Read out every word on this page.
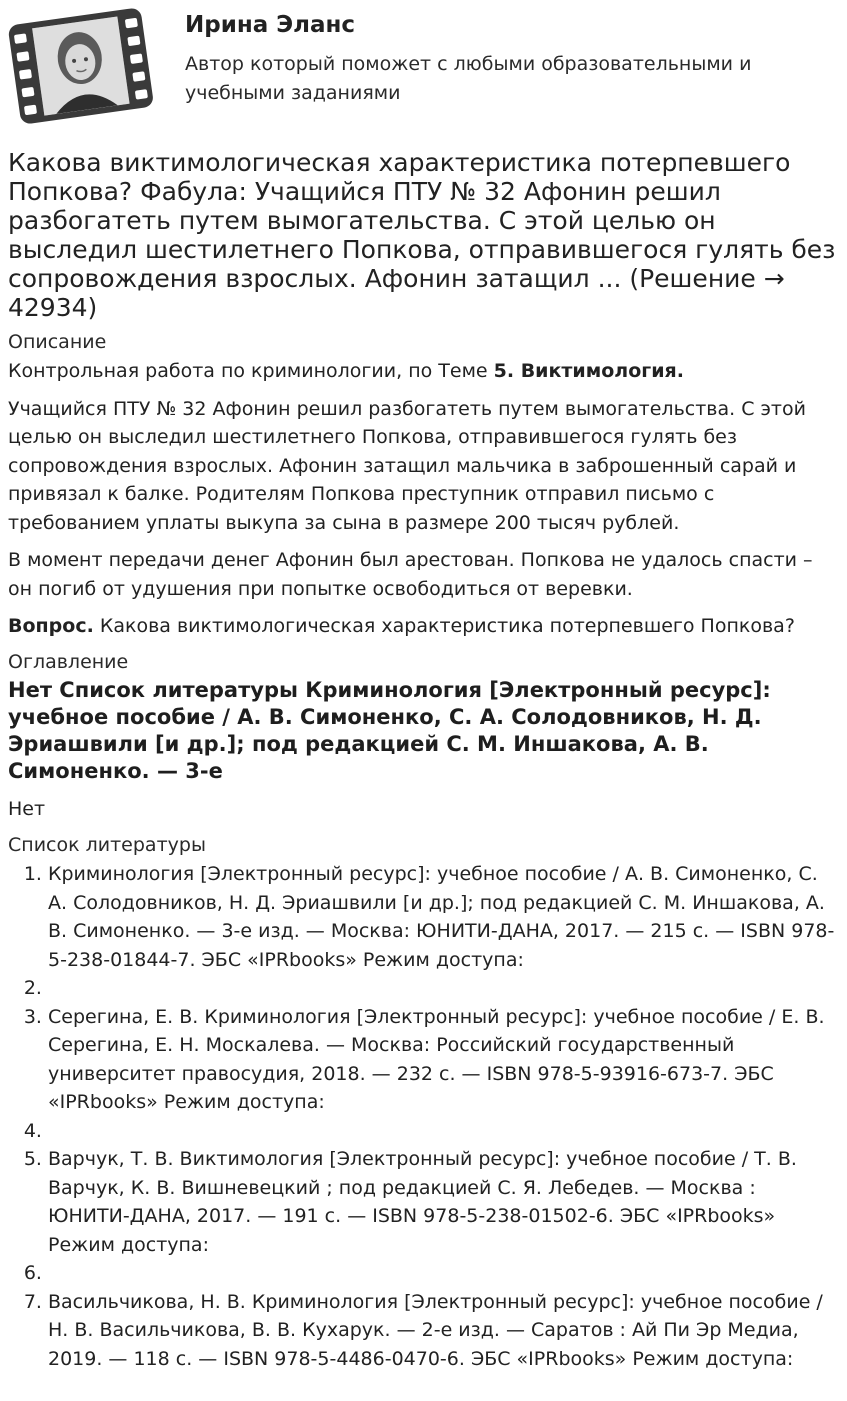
Ирина Эланс
Автор который поможет с любыми образовательными и учебными заданиями
Какова виктимологическая характеристика потерпевшего Попкова? Фабула: Учащийся ПТУ № 32 Афонин решил разбогатеть путем вымогательства. С этой целью он выследил шестилетнего Попкова, отправившегося гулять без сопровождения взрослых. Афонин затащил ... (Решение → 42934)
Описание

Контрольная работа по криминологии, по Теме 5. Виктимология.

Учащийся ПТУ № 32 Афонин решил разбогатеть путем вымогательства. С этой целью он выследил шестилетнего Попкова, отправившегося гулять без сопровождения взрослых. Афонин затащил мальчика в заброшенный сарай и привязал к балке. Родителям Попкова преступник отправил письмо с требованием уплаты выкупа за сына в размере 200 тысяч рублей.

В момент передачи денег Афонин был арестован. Попкова не удалось спасти – он погиб от удушения при попытке освободиться от веревки.

Вопрос. Какова виктимологическая характеристика потерпевшего Попкова?

Оглавление
Нет Список литературы Криминология [Электронный ресурс]: учебное пособие / А. В. Симоненко, С. А. Солодовников, Н. Д. Эриашвили [и др.]; под редакцией С. М. Иншакова, А. В. Симоненко. — 3-е

Нет

Список литературы
1. Криминология [Электронный ресурс]: учебное пособие / А. В. Симоненко, С. А. Солодовников, Н. Д. Эриашвили [и др.]; под редакцией С. М. Иншакова, А. В. Симоненко. — 3-е изд. — Москва: ЮНИТИ-ДАНА, 2017. — 215 c. — ISBN 978-5-238-01844-7. ЭБС «IPRbooks» Режим доступа:
2.
3. Серегина, Е. В. Криминология [Электронный ресурс]: учебное пособие / Е. В. Серегина, Е. Н. Москалева. — Москва: Российский государственный университет правосудия, 2018. — 232 c. — ISBN 978-5-93916-673-7. ЭБС «IPRbooks» Режим доступа:
4.
5. Варчук, Т. В. Виктимология [Электронный ресурс]: учебное пособие / Т. В. Варчук, К. В. Вишневецкий ; под редакцией С. Я. Лебедев. — Москва : ЮНИТИ-ДАНА, 2017. — 191 c. — ISBN 978-5-238-01502-6. ЭБС «IPRbooks» Режим доступа:
6.
7. Васильчикова, Н. В. Криминология [Электронный ресурс]: учебное пособие / Н. В. Васильчикова, В. В. Кухарук. — 2-е изд. — Саратов : Ай Пи Эр Медиа, 2019. — 118 c. — ISBN 978-5-4486-0470-6. ЭБС «IPRbooks» Режим доступа:
